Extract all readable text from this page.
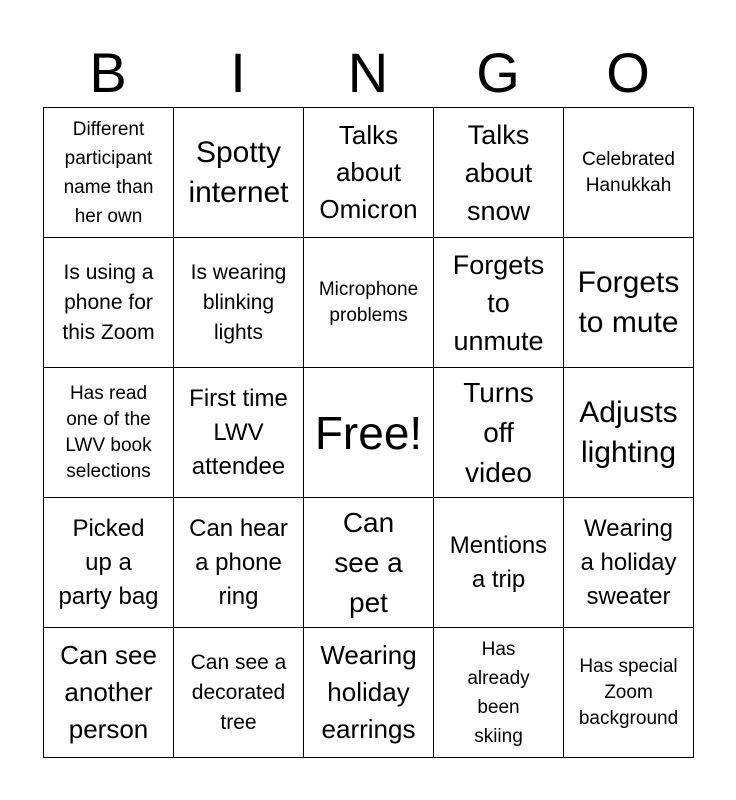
B	I	N	G	O
Different
participant
name than
her own	Spotty
internet	Talks
about
Omicron	Talks
about
snow	Celebrated
Hanukkah

Is using a
phone for
this Zoom	Is wearing
blinking
lights	Microphone
problems	Forgets
to
unmute	Forgets
to mute

Has read
one of the
LWV book
selections	First time
LWV
attendee	Free!	Turns
off
video	Adjusts
lighting

Picked
up a
party bag	Can hear
a phone
ring	Can
see a
pet	Mentions
a trip	Wearing
a holiday
sweater

Can see
another
person	Can see a
decorated
tree	Wearing
holiday
earrings	Has
already
been
skiing	Has special
Zoom
background
